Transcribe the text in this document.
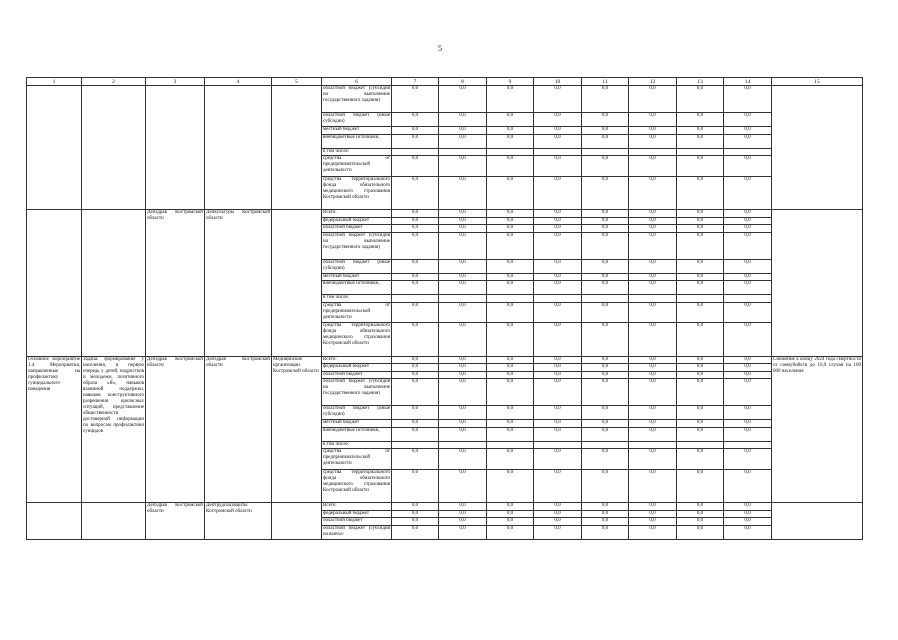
5
1	2	3	4	5	6	7	8	9	10	11	12	13	14	15
					областной бюджет (субсидия на выполнение государственного задания)	0,0	0,0	0,0	0,0	0,0	0,0	0,0	0,0	
					областной бюджет (иные субсидии)	0,0	0,0	0,0	0,0	0,0	0,0	0,0	0,0	
					местный бюджет	0,0	0,0	0,0	0,0	0,0	0,0	0,0	0,0	
					внебюджетные источники,	0,0	0,0	0,0	0,0	0,0	0,0	0,0	0,0	
					в том числе:									
					средства от предпринимательской деятельности	0,0	0,0	0,0	0,0	0,0	0,0	0,0	0,0	
					средства территориального фонда обязательного медицинского страхования Костромской области	0,0	0,0	0,0	0,0	0,0	0,0	0,0	0,0	
		Депздрав Костромской области	Депкультуры Костромской области		Всего:	0,0	0,0	0,0	0,0	0,0	0,0	0,0	0,0	
					федеральный бюджет	0,0	0,0	0,0	0,0	0,0	0,0	0,0	0,0	
					областной бюджет	0,0	0,0	0,0	0,0	0,0	0,0	0,0	0,0	
					областной бюджет (субсидия на выполнение государственного задания)	0,0	0,0	0,0	0,0	0,0	0,0	0,0	0,0	
					областной бюджет (иные субсидии)	0,0	0,0	0,0	0,0	0,0	0,0	0,0	0,0	
					местный бюджет	0,0	0,0	0,0	0,0	0,0	0,0	0,0	0,0	
					внебюджетные источники,	0,0	0,0	0,0	0,0	0,0	0,0	0,0	0,0	
					в том числе:									
					средства от предпринимательской деятельности	0,0	0,0	0,0	0,0	0,0	0,0	0,0	0,0	
					средства территориального фонда обязательного медицинского страхования Костромской области	0,0	0,0	0,0	0,0	0,0	0,0	0,0	0,0	
Основное мероприятие 1.4. Мероприятия, направленные на профилактику суицидального поведения	Задача: формирование у населения, в первую очередь у детей, подростков и молодежи, позитивного образа «Я», навыков взаимной поддержки, навыков конструктивного разрешения кризисных ситуаций, представление общественности достоверной информации по вопросам профилактики суицидов	Депздрав Костромской области	Депздрав Костромской области	Медицинские организации Костромской области	Всего:	0,0	0,0	0,0	0,0	0,0	0,0	0,0	0,0	Снижение к концу 2024 года смертности от самоубийств до 16,9 случаи на 100 000 населения
					федеральный бюджет	0,0	0,0	0,0	0,0	0,0	0,0	0,0	0,0	
					областной бюджет	0,0	0,0	0,0	0,0	0,0	0,0	0,0	0,0	
					областной бюджет (субсидия на выполнение государственного задания)	0,0	0,0	0,0	0,0	0,0	0,0	0,0	0,0	
					областной бюджет (иные субсидии)	0,0	0,0	0,0	0,0	0,0	0,0	0,0	0,0	
					местный бюджет	0,0	0,0	0,0	0,0	0,0	0,0	0,0	0,0	
					внебюджетные источники,	0,0	0,0	0,0	0,0	0,0	0,0	0,0	0,0	
					в том числе:									
					средства от предпринимательской деятельности	0,0	0,0	0,0	0,0	0,0	0,0	0,0	0,0	
					средства территориального фонда обязательного медицинского страхования Костромской области	0,0	0,0	0,0	0,0	0,0	0,0	0,0	0,0	
		Депздрав Костромской области	Дептрудсоцзащиты Костромской области		Всего:	0,0	0,0	0,0	0,0	0,0	0,0	0,0	0,0	
					федеральный бюджет	0,0	0,0	0,0	0,0	0,0	0,0	0,0	0,0	
					областной бюджет	0,0	0,0	0,0	0,0	0,0	0,0	0,0	0,0	
					областной бюджет (субсидия на выпол-	0,0	0,0	0,0	0,0	0,0	0,0	0,0	0,0	
